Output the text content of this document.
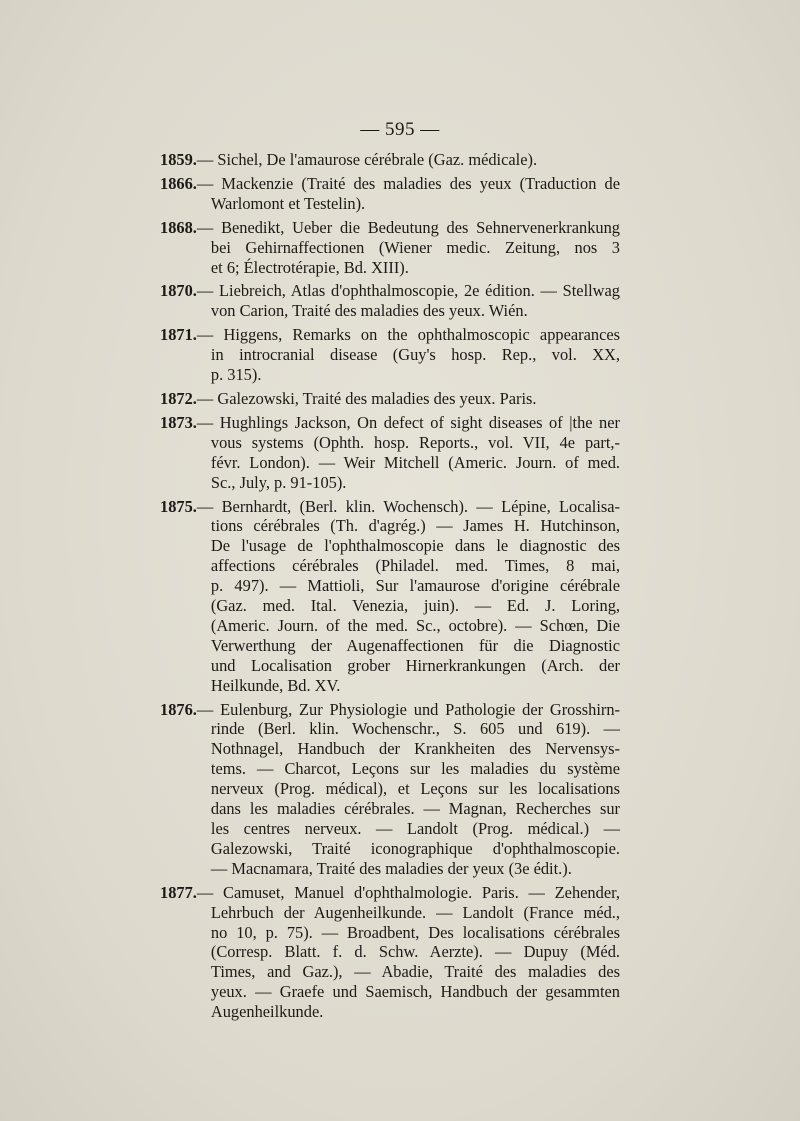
— 595 —
1859. — Sichel, De l'amaurose cérébrale (Gaz. médicale).
1866. — Mackenzie (Traité des maladies des yeux (Traduction de
Warlomont et Testelin).
1868. — Benedikt, Ueber die Bedeutung des Sehnervenerkrankung
bei Gehirnaffectionen (Wiener medic. Zeitung, nos 3
et 6; Électrotérapie, Bd. XIII).
1870. — Liebreich, Atlas d'ophthalmoscopie, 2e édition. — Stellwag
von Carion, Traité des maladies des yeux. Wién.
1871. — Higgens, Remarks on the ophthalmoscopic appearances
in introcranial disease (Guy's hosp. Rep., vol. XX,
p. 315).
1872. — Galezowski, Traité des maladies des yeux. Paris.
1873. — Hughlings Jackson, On defect of sight diseases of |the ner
vous systems (Ophth. hosp. Reports., vol. VII, 4e part,-
févr. London). — Weir Mitchell (Americ. Journ. of med.
Sc., July, p. 91-105).
1875. — Bernhardt, (Berl. klin. Wochensch). — Lépine, Localisa-
tions cérébrales (Th. d'agrég.) — James H. Hutchinson,
De l'usage de l'ophthalmoscopie dans le diagnostic des
affections cérébrales (Philadel. med. Times, 8 mai,
p. 497). — Mattioli, Sur l'amaurose d'origine cérébrale
(Gaz. med. Ital. Venezia, juin). — Ed. J. Loring,
(Americ. Journ. of the med. Sc., octobre). — Schœn, Die
Verwerthung der Augenaffectionen für die Diagnostic
und Localisation grober Hirnerkrankungen (Arch. der
Heilkunde, Bd. XV.
1876. — Eulenburg, Zur Physiologie und Pathologie der Grosshirn-
rinde (Berl. klin. Wochenschr., S. 605 und 619). —
Nothnagel, Handbuch der Krankheiten des Nervensys-
tems. — Charcot, Leçons sur les maladies du système
nerveux (Prog. médical), et Leçons sur les localisations
dans les maladies cérébrales. — Magnan, Recherches sur
les centres nerveux. — Landolt (Prog. médical.) —
Galezowski, Traité iconographique d'ophthalmoscopie.
— Macnamara, Traité des maladies der yeux (3e édit.).
1877. — Camuset, Manuel d'ophthalmologie. Paris. — Zehender,
Lehrbuch der Augenheilkunde. — Landolt (France méd.,
no 10, p. 75). — Broadbent, Des localisations cérébrales
(Corresp. Blatt. f. d. Schw. Aerzte). — Dupuy (Méd.
Times, and Gaz.), — Abadie, Traité des maladies des
yeux. — Graefe und Saemisch, Handbuch der gesammten
Augenheilkunde.
